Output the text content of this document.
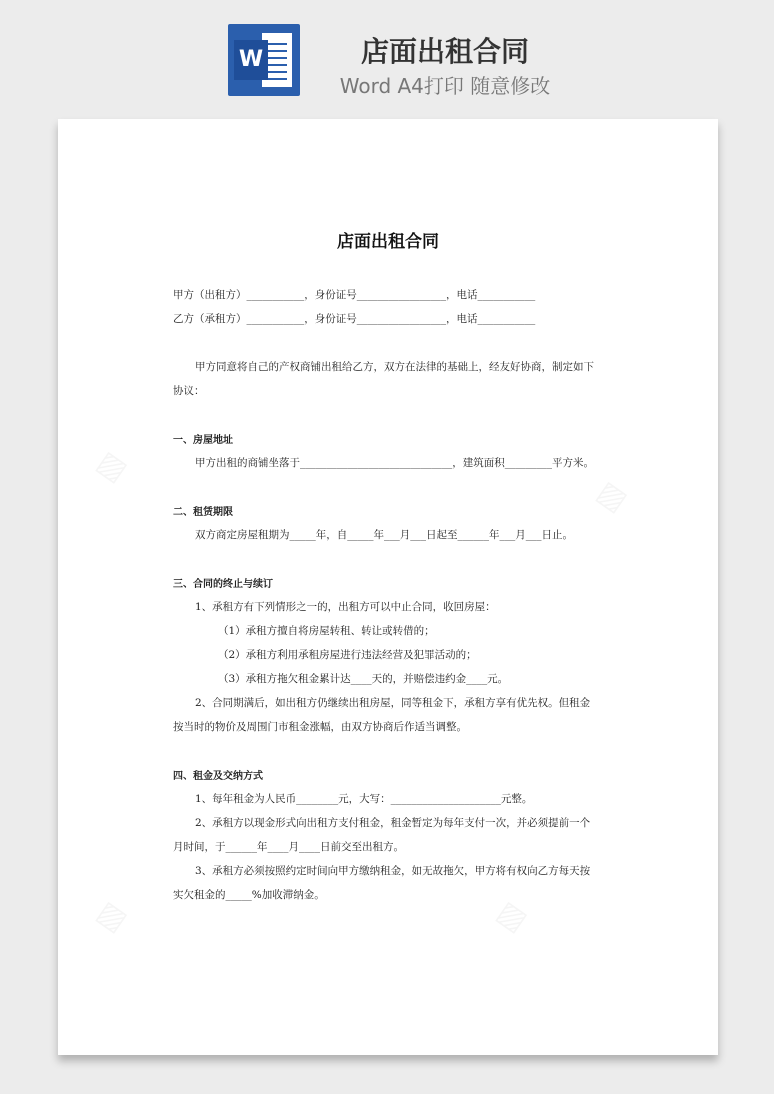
W	店面出租合同
Word A4打印 随意修改
店面出租合同
甲方（出租方）___________，身份证号_________________，电话___________
乙方（承租方）___________，身份证号_________________，电话___________
甲方同意将自己的产权商铺出租给乙方，双方在法律的基础上，经友好协商，制定如下
协议：
一、房屋地址
甲方出租的商铺坐落于_____________________________，建筑面积_________平方米。
二、租赁期限
双方商定房屋租期为_____年，自_____年___月___日起至______年___月___日止。
三、合同的终止与续订
1、承租方有下列情形之一的，出租方可以中止合同，收回房屋：
（1）承租方擅自将房屋转租、转让或转借的；
（2）承租方利用承租房屋进行违法经营及犯罪活动的；
（3）承租方拖欠租金累计达____天的，并赔偿违约金____元。
2、合同期满后，如出租方仍继续出租房屋，同等租金下，承租方享有优先权。但租金
按当时的物价及周围门市租金涨幅，由双方协商后作适当调整。
四、租金及交纳方式
1、每年租金为人民币________元，大写：_____________________元整。
2、承租方以现金形式向出租方支付租金，租金暂定为每年支付一次，并必须提前一个
月时间，于______年____月____日前交至出租方。
3、承租方必须按照约定时间向甲方缴纳租金，如无故拖欠，甲方将有权向乙方每天按
实欠租金的_____%加收滞纳金。
